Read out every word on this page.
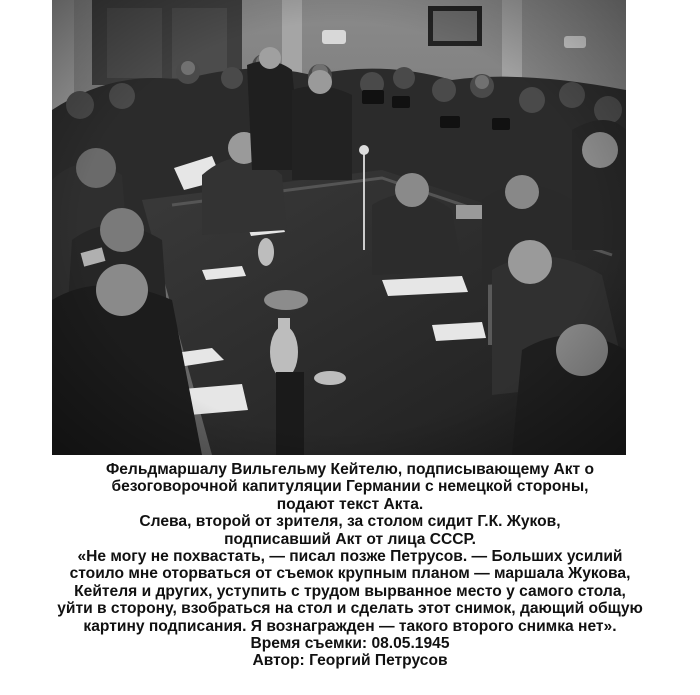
Фельдмаршалу Вильгельму Кейтелю, подписывающему Акт о
безоговорочной капитуляции Германии с немецкой стороны,
подают текст Акта.
Слева, второй от зрителя, за столом сидит Г.К. Жуков,
подписавший Акт от лица СССР.
«Не могу не похвастать, — писал позже Петрусов. — Больших усилий
стоило мне оторваться от съемок крупным планом — маршала Жукова,
Кейтеля и других, уступить с трудом вырванное место у самого стола,
уйти в сторону, взобраться на стол и сделать этот снимок, дающий общую
картину подписания. Я вознагражден — такого второго снимка нет».
Время съемки: 08.05.1945
Автор: Георгий Петрусов
